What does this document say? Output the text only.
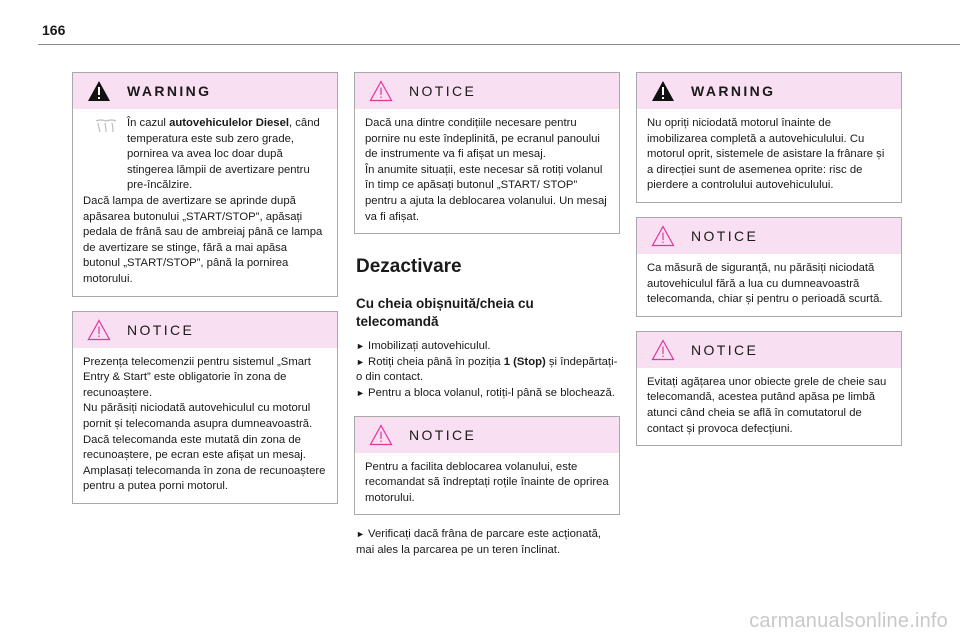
166
WARNING
În cazul autovehiculelor Diesel, când temperatura este sub zero grade, pornirea va avea loc doar după stingerea lămpii de avertizare pentru pre-încălzire.

Dacă lampa de avertizare se aprinde după apăsarea butonului „START/STOP”, apăsați pedala de frână sau de ambreiaj până ce lampa de avertizare se stinge, fără a mai apăsa butonul „START/STOP”, până la pornirea motorului.

NOTICE

Prezența telecomenzii pentru sistemul „Smart Entry & Start” este obligatorie în zona de recunoaștere.

Nu părăsiți niciodată autovehiculul cu motorul pornit și telecomanda asupra dumneavoastră.

Dacă telecomanda este mutată din zona de recunoaștere, pe ecran este afișat un mesaj.

Amplasați telecomanda în zona de recunoaștere pentru a putea porni motorul.

NOTICE

Dacă una dintre condițiile necesare pentru pornire nu este îndeplinită, pe ecranul panoului de instrumente va fi afișat un mesaj.

În anumite situații, este necesar să rotiți volanul în timp ce apăsați butonul „START/ STOP” pentru a ajuta la deblocarea volanului. Un mesaj va fi afișat.

Dezactivare
Cu cheia obișnuită/cheia cu telecomandă
► Imobilizați autovehiculul.
► Rotiți cheia până în poziția 1 (Stop) și îndepărtați-o din contact.
► Pentru a bloca volanul, rotiți-l până se blochează.
NOTICE

Pentru a facilita deblocarea volanului, este recomandat să îndreptați roțile înainte de oprirea motorului.

► Verificați dacă frâna de parcare este acționată, mai ales la parcarea pe un teren înclinat.
WARNING

Nu opriți niciodată motorul înainte de imobilizarea completă a autovehiculului. Cu motorul oprit, sistemele de asistare la frânare și a direcției sunt de asemenea oprite: risc de pierdere a controlului autovehiculului.

NOTICE

Ca măsură de siguranță, nu părăsiți niciodată autovehiculul fără a lua cu dumneavoastră telecomanda, chiar și pentru o perioadă scurtă.

NOTICE

Evitați agățarea unor obiecte grele de cheie sau telecomandă, acestea putând apăsa pe limbă atunci când cheia se află în comutatorul de contact și provoca defecțiuni.

carmanualsonline.info
